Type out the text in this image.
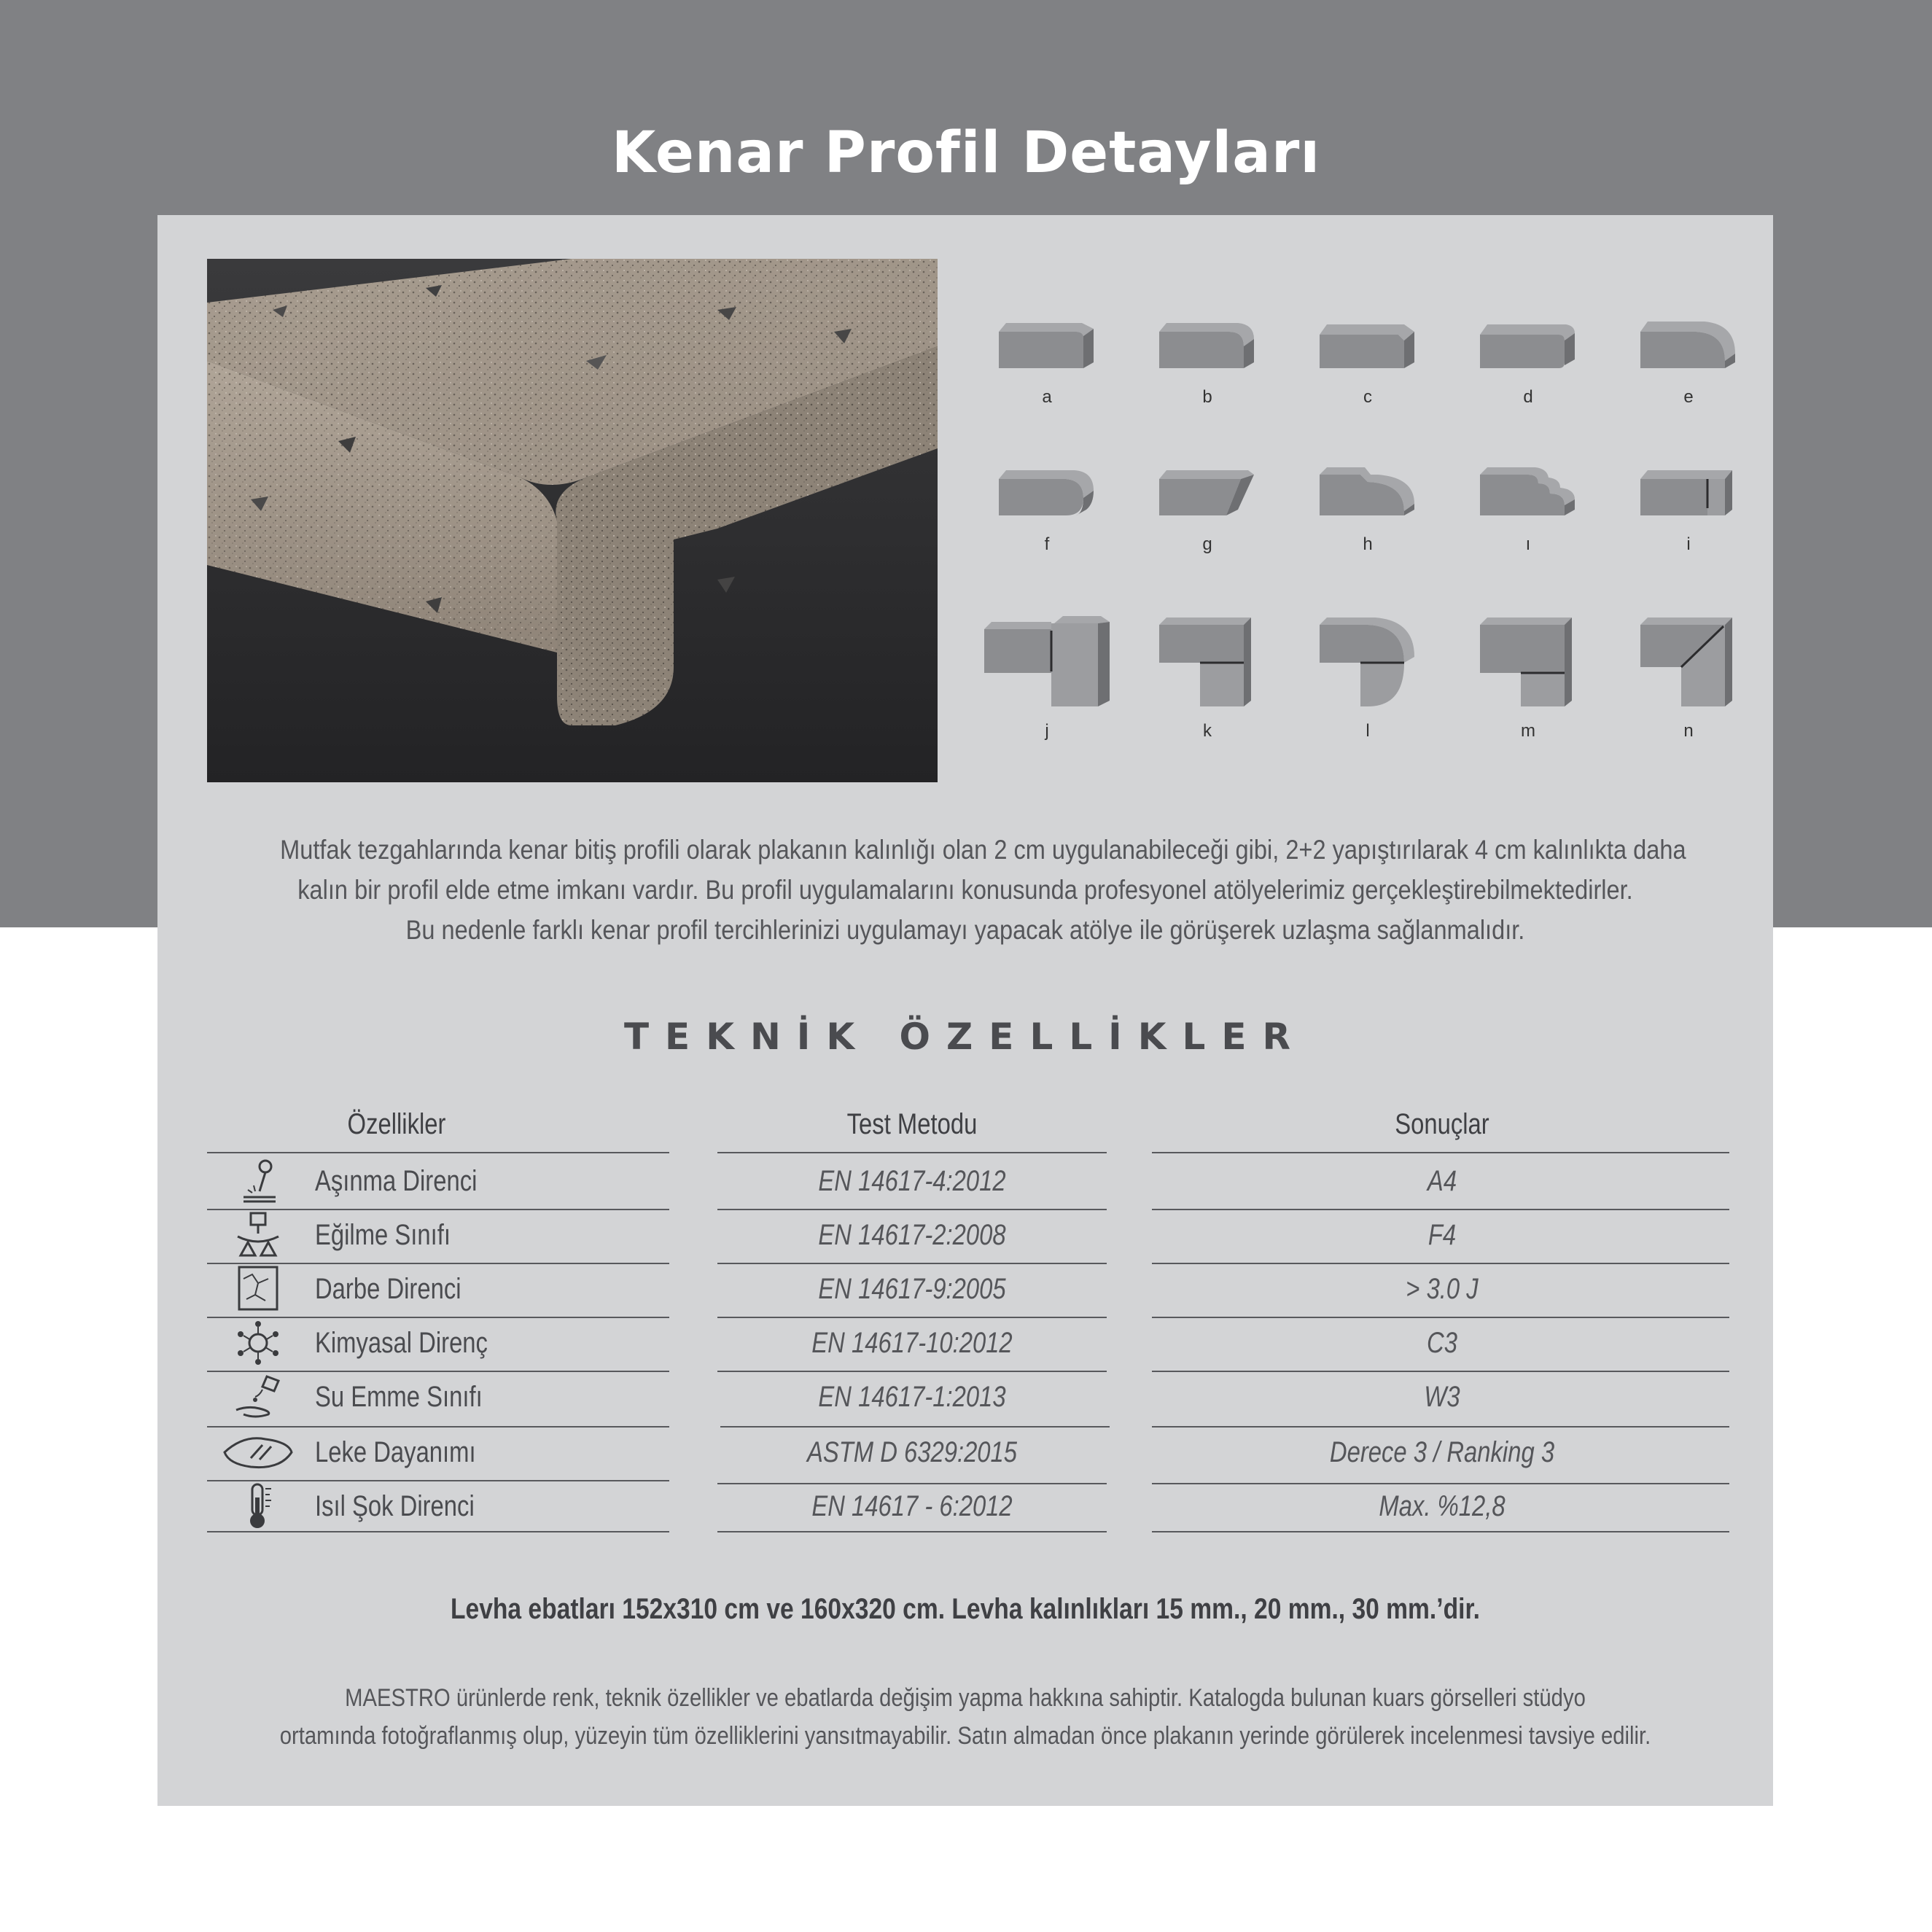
Kenar Profil Detayları
a	b	c	d	e
f	g	h	ı	i
j	k	l	m	n

Mutfak tezgahlarında kenar bitiş profili olarak plakanın kalınlığı olan 2 cm uygulanabileceği gibi, 2+2 yapıştırılarak 4 cm kalınlıkta daha

kalın bir profil elde etme imkanı vardır. Bu profil uygulamalarını konusunda profesyonel atölyelerimiz gerçekleştirebilmektedirler.

Bu nedenle farklı kenar profil tercihlerinizi uygulamayı yapacak atölye ile görüşerek uzlaşma sağlanmalıdır.

TEKNİK ÖZELLİKLER
Özellikler	Test Metodu	Sonuçlar
Aşınma Direnci	EN 14617-4:2012	A4
Eğilme Sınıfı	EN 14617-2:2008	F4
Darbe Direnci	EN 14617-9:2005	> 3.0 J
Kimyasal Direnç	EN 14617-10:2012	C3
Su Emme Sınıfı	EN 14617-1:2013	W3
Leke Dayanımı	ASTM D 6329:2015	Derece 3 / Ranking 3
Isıl Şok Direnci	EN 14617 - 6:2012	Max. %12,8
Levha ebatları 152x310 cm ve 160x320 cm. Levha kalınlıkları 15 mm., 20 mm., 30 mm.’dir.

MAESTRO ürünlerde renk, teknik özellikler ve ebatlarda değişim yapma hakkına sahiptir. Katalogda bulunan kuars görselleri stüdyo

ortamında fotoğraflanmış olup, yüzeyin tüm özelliklerini yansıtmayabilir. Satın almadan önce plakanın yerinde görülerek incelenmesi tavsiye edilir.
